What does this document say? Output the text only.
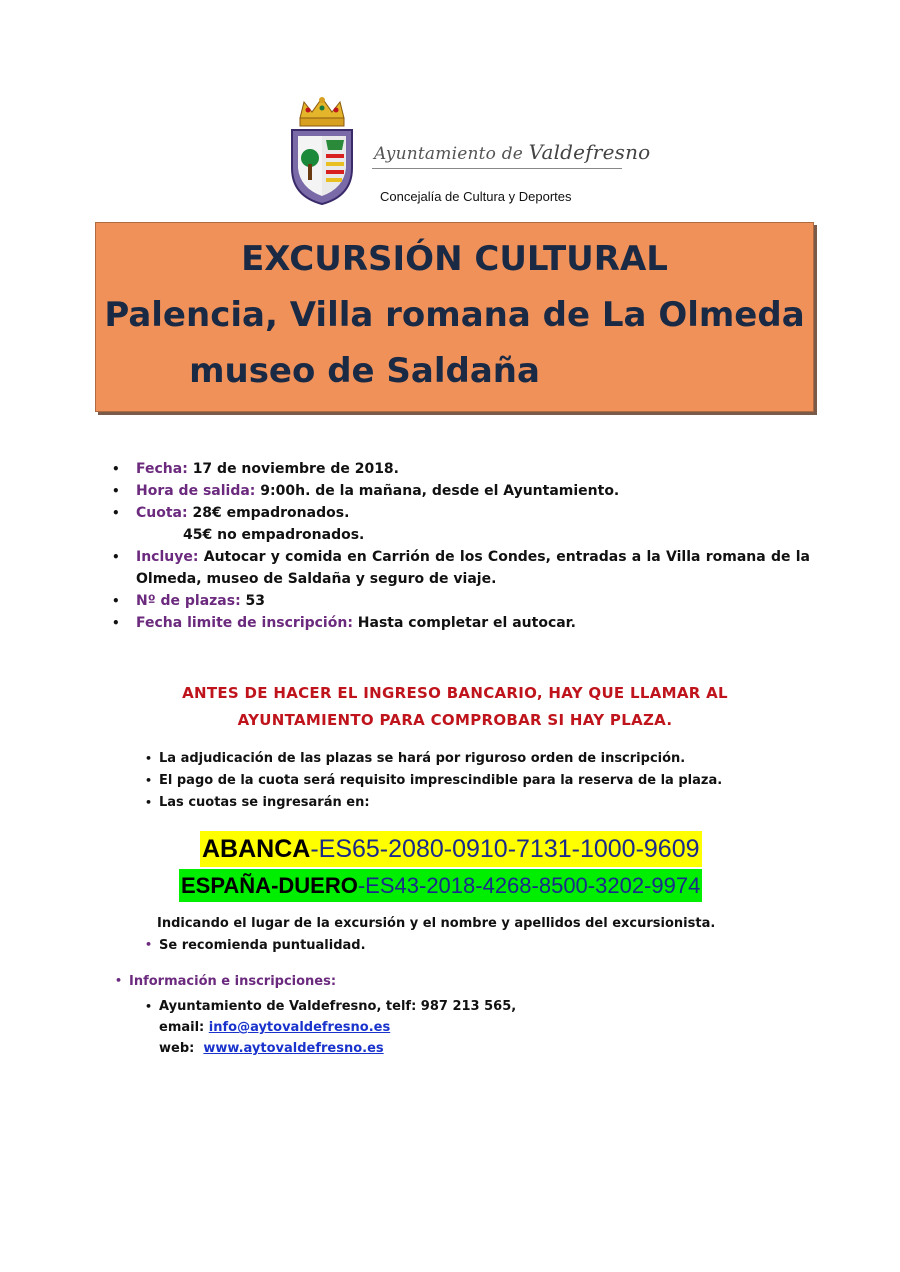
Ayuntamiento de Valdefresno
Concejalía de Cultura y Deportes
EXCURSIÓN CULTURAL
Palencia, Villa romana de La Olmeda
museo de Saldaña
• Fecha: 17 de noviembre de 2018.
• Hora de salida: 9:00h. de la mañana, desde el Ayuntamiento.
• Cuota: 28€ empadronados.
45€ no empadronados.
• Incluye: Autocar y comida en Carrión de los Condes, entradas a la Villa romana de la Olmeda, museo de Saldaña y seguro de viaje.
• Nº de plazas: 53
• Fecha limite de inscripción: Hasta completar el autocar.
ANTES DE HACER EL INGRESO BANCARIO, HAY QUE LLAMAR AL
AYUNTAMIENTO PARA COMPROBAR SI HAY PLAZA.
• La adjudicación de las plazas se hará por riguroso orden de inscripción.
• El pago de la cuota será requisito imprescindible para la reserva de la plaza.
• Las cuotas se ingresarán en:
ABANCA-ES65-2080-0910-7131-1000-9609
ESPAÑA-DUERO-ES43-2018-4268-8500-3202-9974
Indicando el lugar de la excursión y el nombre y apellidos del excursionista.
• Se recomienda puntualidad.
• Información e inscripciones:
• Ayuntamiento de Valdefresno, telf: 987 213 565,
email: info@aytovaldefresno.es
web:  www.aytovaldefresno.es
